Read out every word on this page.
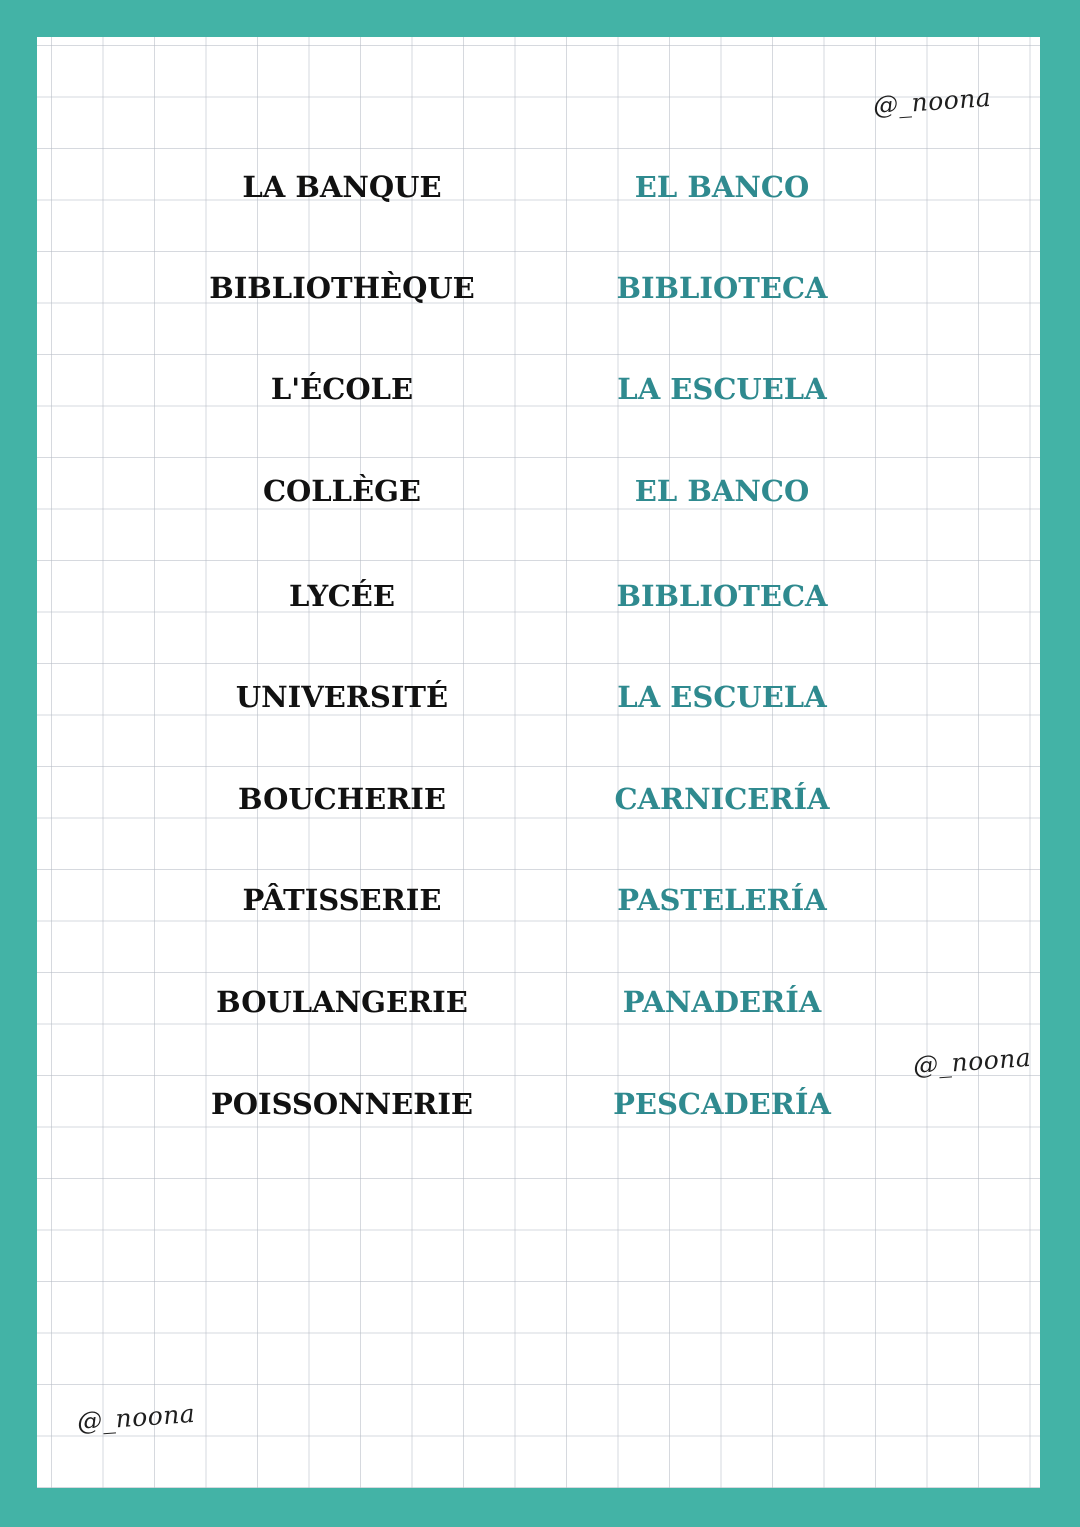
@_noona
@_noona
@_noona
LA BANQUE	EL BANCO
BIBLIOTHÈQUE	BIBLIOTECA
L'ÉCOLE	LA ESCUELA
COLLÈGE	EL BANCO
LYCÉE	BIBLIOTECA
UNIVERSITÉ	LA ESCUELA
BOUCHERIE	CARNICERÍA
PÂTISSERIE	PASTELERÍA
BOULANGERIE	PANADERÍA
POISSONNERIE	PESCADERÍA
